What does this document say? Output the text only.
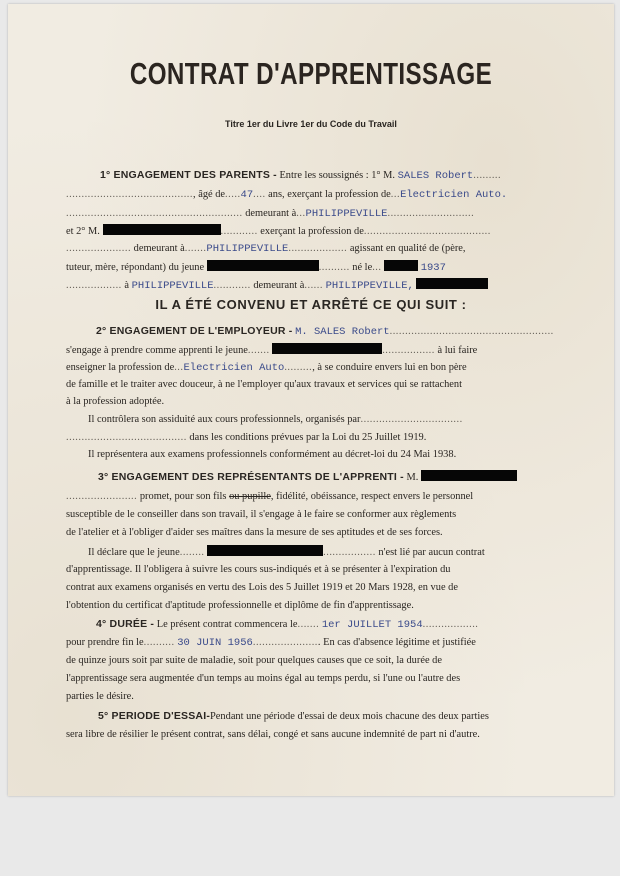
CONTRAT D'APPRENTISSAGE
Titre 1er du Livre 1er du Code du Travail
1° ENGAGEMENT DES PARENTS - Entre les soussignés : 1° M. SALES Robert.........
........................................., âgé de.....47.... ans, exerçant la profession de...Electricien Auto.
......................................................... demeurant à...PHILIPPEVILLE............................
et 2° M.	............ exerçant la profession de.........................................
..................... demeurant à.......PHILIPPEVILLE................... agissant en qualité de (père,
tuteur, mère, répondant) du jeune	.......... né le...	1937
.................. à PHILIPPEVILLE............ demeurant à...... PHILIPPEVILLE,
IL A ÉTÉ CONVENU ET ARRÊTÉ CE QUI SUIT :
2° ENGAGEMENT DE L'EMPLOYEUR - M. SALES Robert.....................................................
s'engage à prendre comme apprenti le jeune.......	................. à lui faire
enseigner la profession de...Electricien Auto........., à se conduire envers lui en bon père
de famille et le traiter avec douceur, à ne l'employer qu'aux travaux et services qui se rattachent
à la profession adoptée.
Il contrôlera son assiduité aux cours professionnels, organisés par.................................
....................................... dans les conditions prévues par la Loi du 25 Juillet 1919.
Il représentera aux examens professionnels conformément au décret-loi du 24 Mai 1938.
3° ENGAGEMENT DES REPRÉSENTANTS DE L'APPRENTI - M.
....................... promet, pour son fils ou pupille, fidélité, obéissance, respect envers le personnel
susceptible de le conseiller dans son travail, il s'engage à le faire se conformer aux règlements
de l'atelier et à l'obliger d'aider ses maîtres dans la mesure de ses aptitudes et de ses forces.
Il déclare que le jeune........	................. n'est lié par aucun contrat
d'apprentissage. Il l'obligera à suivre les cours sus-indiqués et à se présenter à l'expiration du
contrat aux examens organisés en vertu des Lois des 5 Juillet 1919 et 20 Mars 1928, en vue de
l'obtention du certificat d'aptitude professionnelle et diplôme de fin d'apprentissage.
4° DURÉE - Le présent contrat commencera le....... 1er JUILLET 1954..................
pour prendre fin le.......... 30 JUIN 1956...................... En cas d'absence légitime et justifiée
de quinze jours soit par suite de maladie, soit pour quelques causes que ce soit, la durée de
l'apprentissage sera augmentée d'un temps au moins égal au temps perdu, si l'une ou l'autre des
parties le désire.
5° PERIODE D'ESSAI-Pendant une période d'essai de deux mois chacune des deux parties
sera libre de résilier le présent contrat, sans délai, congé et sans aucune indemnité de part ni d'autre.
